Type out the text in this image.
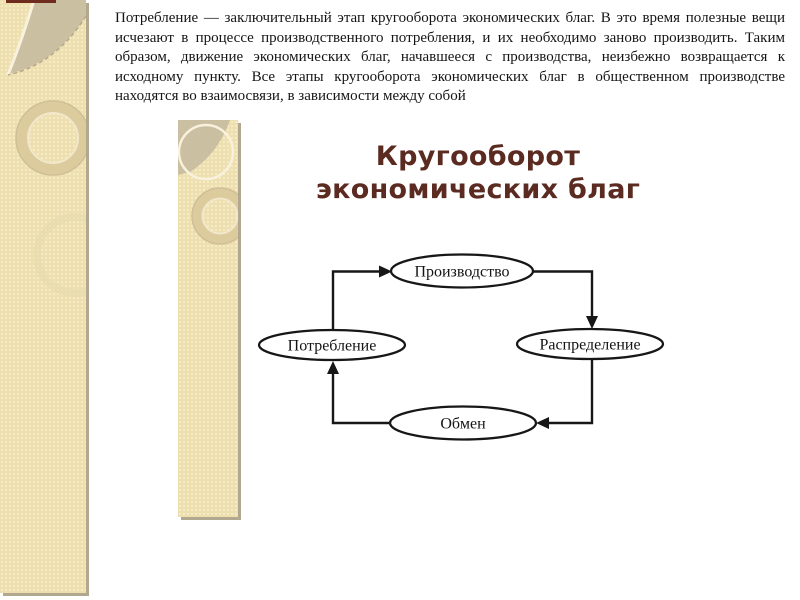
Потребление — заключительный этап кругооборота экономических благ. В это время полезные вещи исчезают в процессе производственного потребления, и их необходимо заново производить. Таким образом, движение экономических благ, начавшееся с производства, неизбежно возвращается к исходному пункту. Все этапы кругооборота экономических благ в общественном производстве находятся во взаимосвязи, в зависимости между собой
Кругооборот экономических благ
Производство
Распределение
Потребление
Обмен
